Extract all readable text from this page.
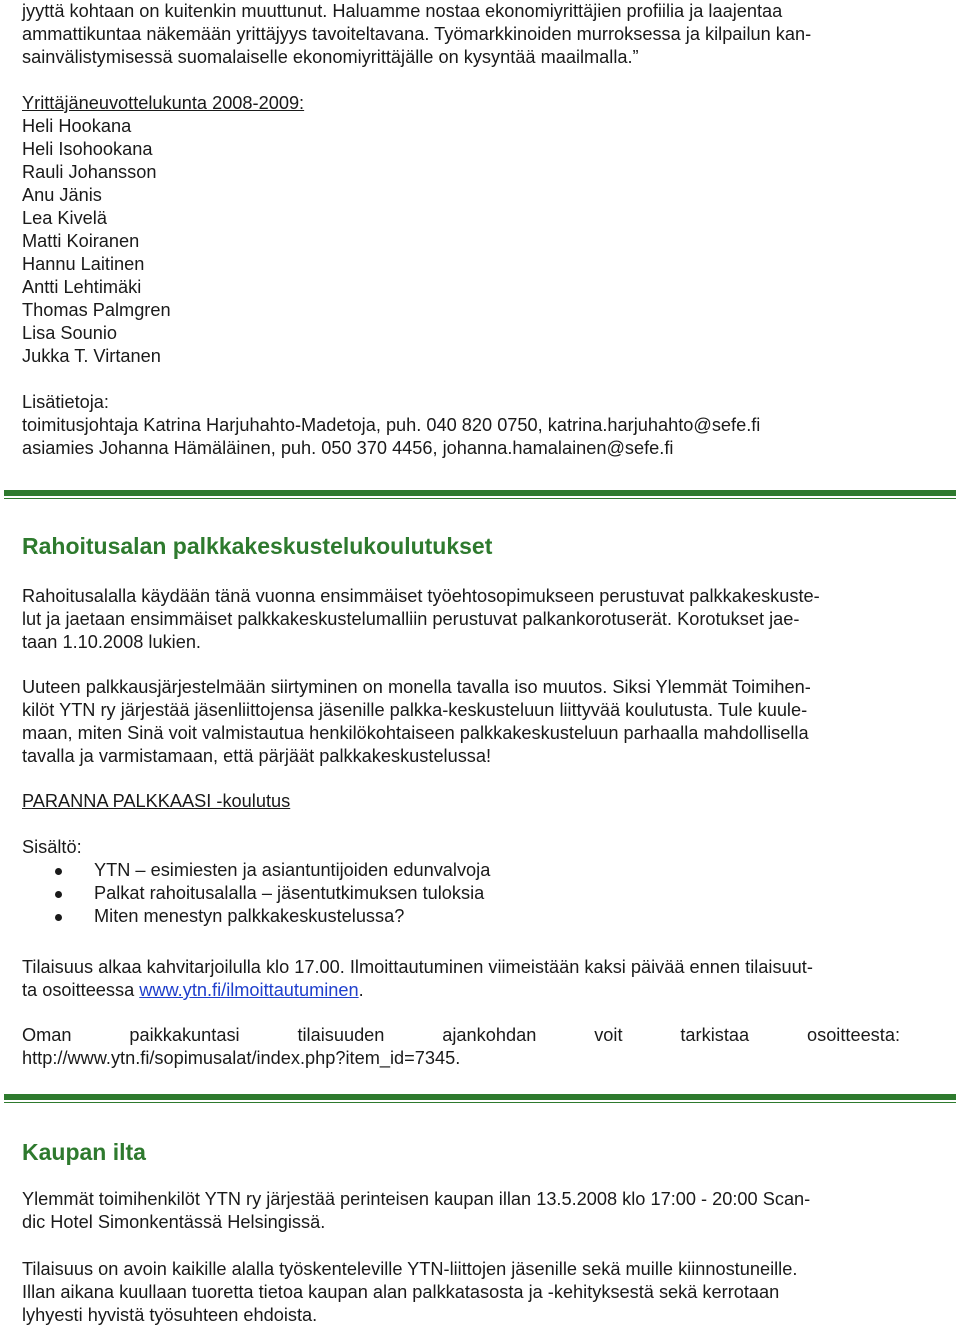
jyyttä kohtaan on kuitenkin muuttunut. Haluamme nostaa ekonomiyrittäjien profiilia ja laajentaa

ammattikuntaa näkemään yrittäjyys tavoiteltavana. Työmarkkinoiden murroksessa ja kilpailun kan-

sainvälistymisessä suomalaiselle ekonomiyrittäjälle on kysyntää maailmalla.”

Yrittäjäneuvottelukunta 2008-2009:

Heli Hookana

Heli Isohookana

Rauli Johansson

Anu Jänis

Lea Kivelä

Matti Koiranen

Hannu Laitinen

Antti Lehtimäki

Thomas Palmgren

Lisa Sounio

Jukka T. Virtanen

Lisätietoja:

toimitusjohtaja Katrina Harjuhahto-Madetoja, puh. 040 820 0750, katrina.harjuhahto@sefe.fi

asiamies Johanna Hämäläinen, puh. 050 370 4456, johanna.hamalainen@sefe.fi

Rahoitusalan palkkakeskustelukoulutukset

Rahoitusalalla käydään tänä vuonna ensimmäiset työehtosopimukseen perustuvat palkkakeskuste-

lut ja jaetaan ensimmäiset palkkakeskustelumalliin perustuvat palkankorotuserät. Korotukset jae-

taan 1.10.2008 lukien.

Uuteen palkkausjärjestelmään siirtyminen on monella tavalla iso muutos. Siksi Ylemmät Toimihen-

kilöt YTN ry järjestää jäsenliittojensa jäsenille palkka-keskusteluun liittyvää koulutusta. Tule kuule-

maan, miten Sinä voit valmistautua henkilökohtaiseen palkkakeskusteluun parhaalla mahdollisella

tavalla ja varmistamaan, että pärjäät palkkakeskustelussa!

PARANNA PALKKAASI -koulutus

Sisältö:

YTN – esimiesten ja asiantuntijoiden edunvalvoja
Palkat rahoitusalalla – jäsentutkimuksen tuloksia
Miten menestyn palkkakeskustelussa?

Tilaisuus alkaa kahvitarjoilulla klo 17.00. Ilmoittautuminen viimeistään kaksi päivää ennen tilaisuut-

ta osoitteessa www.ytn.fi/ilmoittautuminen.

Oman	paikkakuntasi	tilaisuuden	ajankohdan	voit	tarkistaa	osoitteesta:

http://www.ytn.fi/sopimusalat/index.php?item_id=7345.

Kaupan ilta

Ylemmät toimihenkilöt YTN ry järjestää perinteisen kaupan illan 13.5.2008 klo 17:00 - 20:00 Scan-

dic Hotel Simonkentässä Helsingissä.

Tilaisuus on avoin kaikille alalla työskenteleville YTN-liittojen jäsenille sekä muille kiinnostuneille.

Illan aikana kuullaan tuoretta tietoa kaupan alan palkkatasosta ja -kehityksestä sekä kerrotaan

lyhyesti hyvistä työsuhteen ehdoista.
